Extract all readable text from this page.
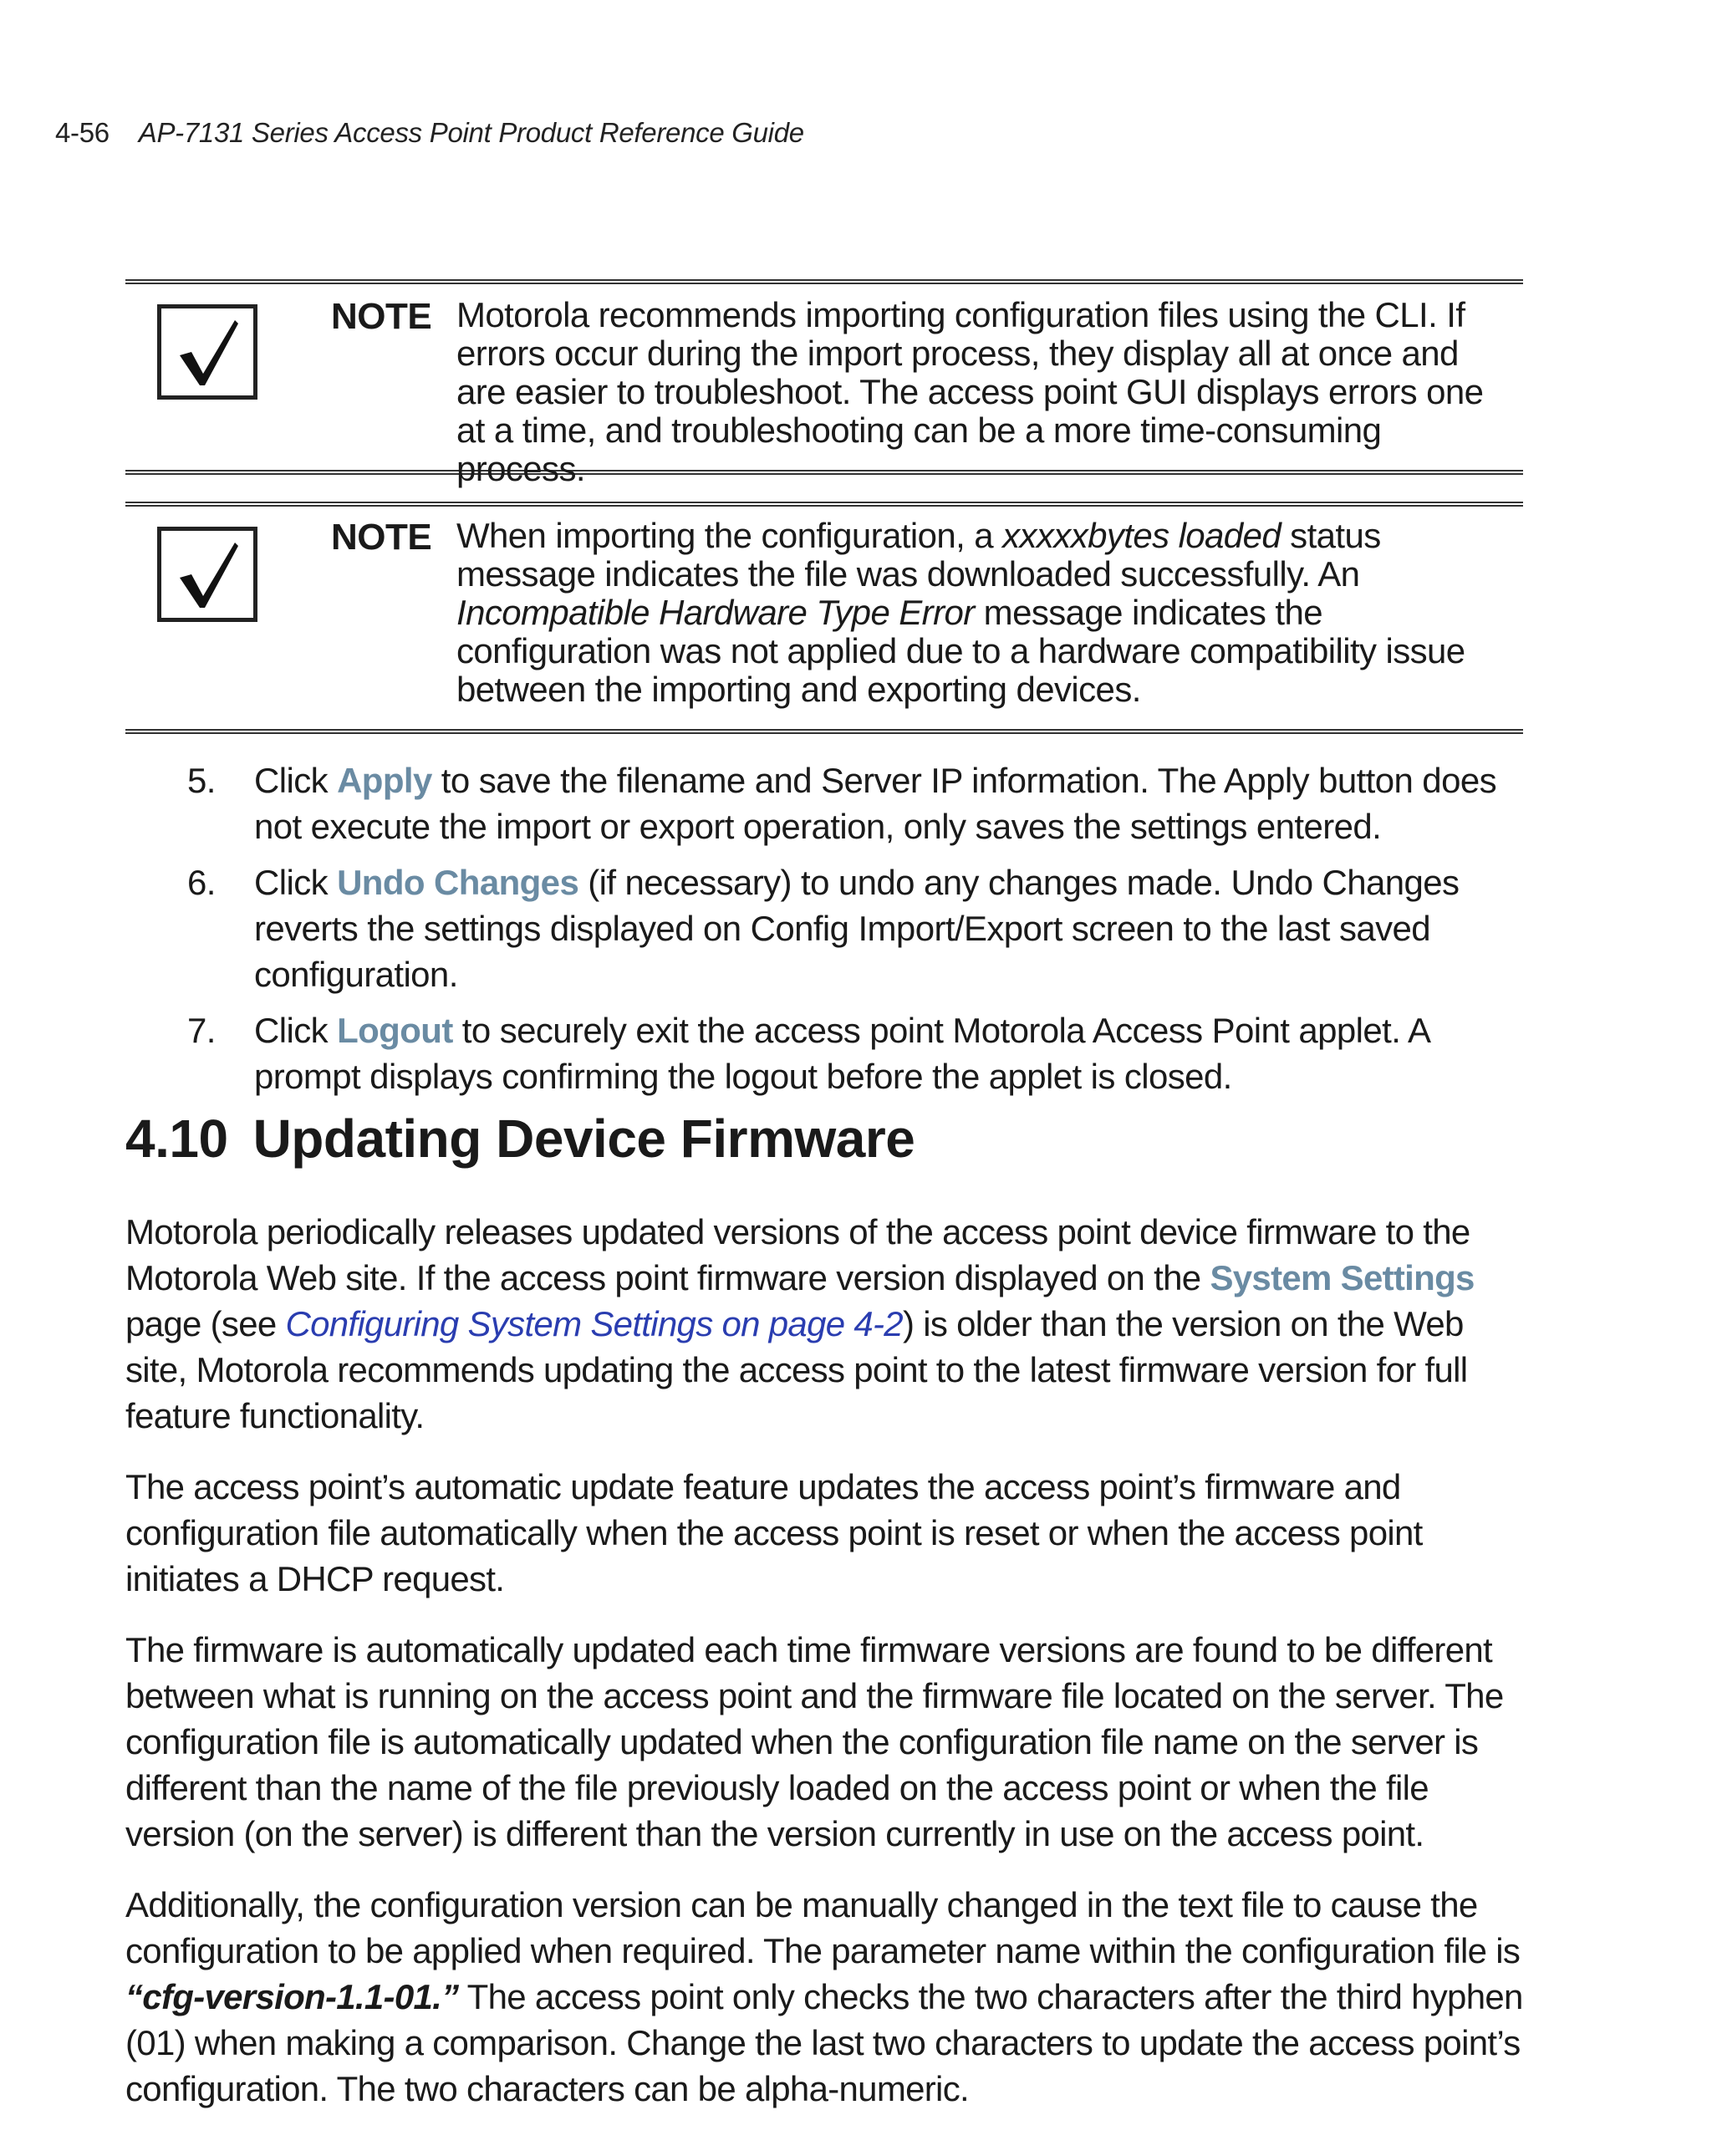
4-56 AP-7131 Series Access Point Product Reference Guide
NOTE Motorola recommends importing configuration files using the CLI. If errors occur during the import process, they display all at once and are easier to troubleshoot. The access point GUI displays errors one at a time, and troubleshooting can be a more time-consuming process.
NOTE When importing the configuration, a xxxxxbytes loaded status message indicates the file was downloaded successfully. An Incompatible Hardware Type Error message indicates the configuration was not applied due to a hardware compatibility issue between the importing and exporting devices.
5. Click Apply to save the filename and Server IP information. The Apply button does not execute the import or export operation, only saves the settings entered.
6. Click Undo Changes (if necessary) to undo any changes made. Undo Changes reverts the settings displayed on Config Import/Export screen to the last saved configuration.
7. Click Logout to securely exit the access point Motorola Access Point applet. A prompt displays confirming the logout before the applet is closed.
4.10 Updating Device Firmware

Motorola periodically releases updated versions of the access point device firmware to the Motorola Web site. If the access point firmware version displayed on the System Settings page (see Configuring System Settings on page 4-2) is older than the version on the Web site, Motorola recommends updating the access point to the latest firmware version for full feature functionality.

The access point’s automatic update feature updates the access point’s firmware and configuration file automatically when the access point is reset or when the access point initiates a DHCP request.

The firmware is automatically updated each time firmware versions are found to be different between what is running on the access point and the firmware file located on the server. The configuration file is automatically updated when the configuration file name on the server is different than the name of the file previously loaded on the access point or when the file version (on the server) is different than the version currently in use on the access point.

Additionally, the configuration version can be manually changed in the text file to cause the configuration to be applied when required. The parameter name within the configuration file is “cfg-version-1.1-01.” The access point only checks the two characters after the third hyphen (01) when making a comparison. Change the last two characters to update the access point’s configuration. The two characters can be alpha-numeric.
